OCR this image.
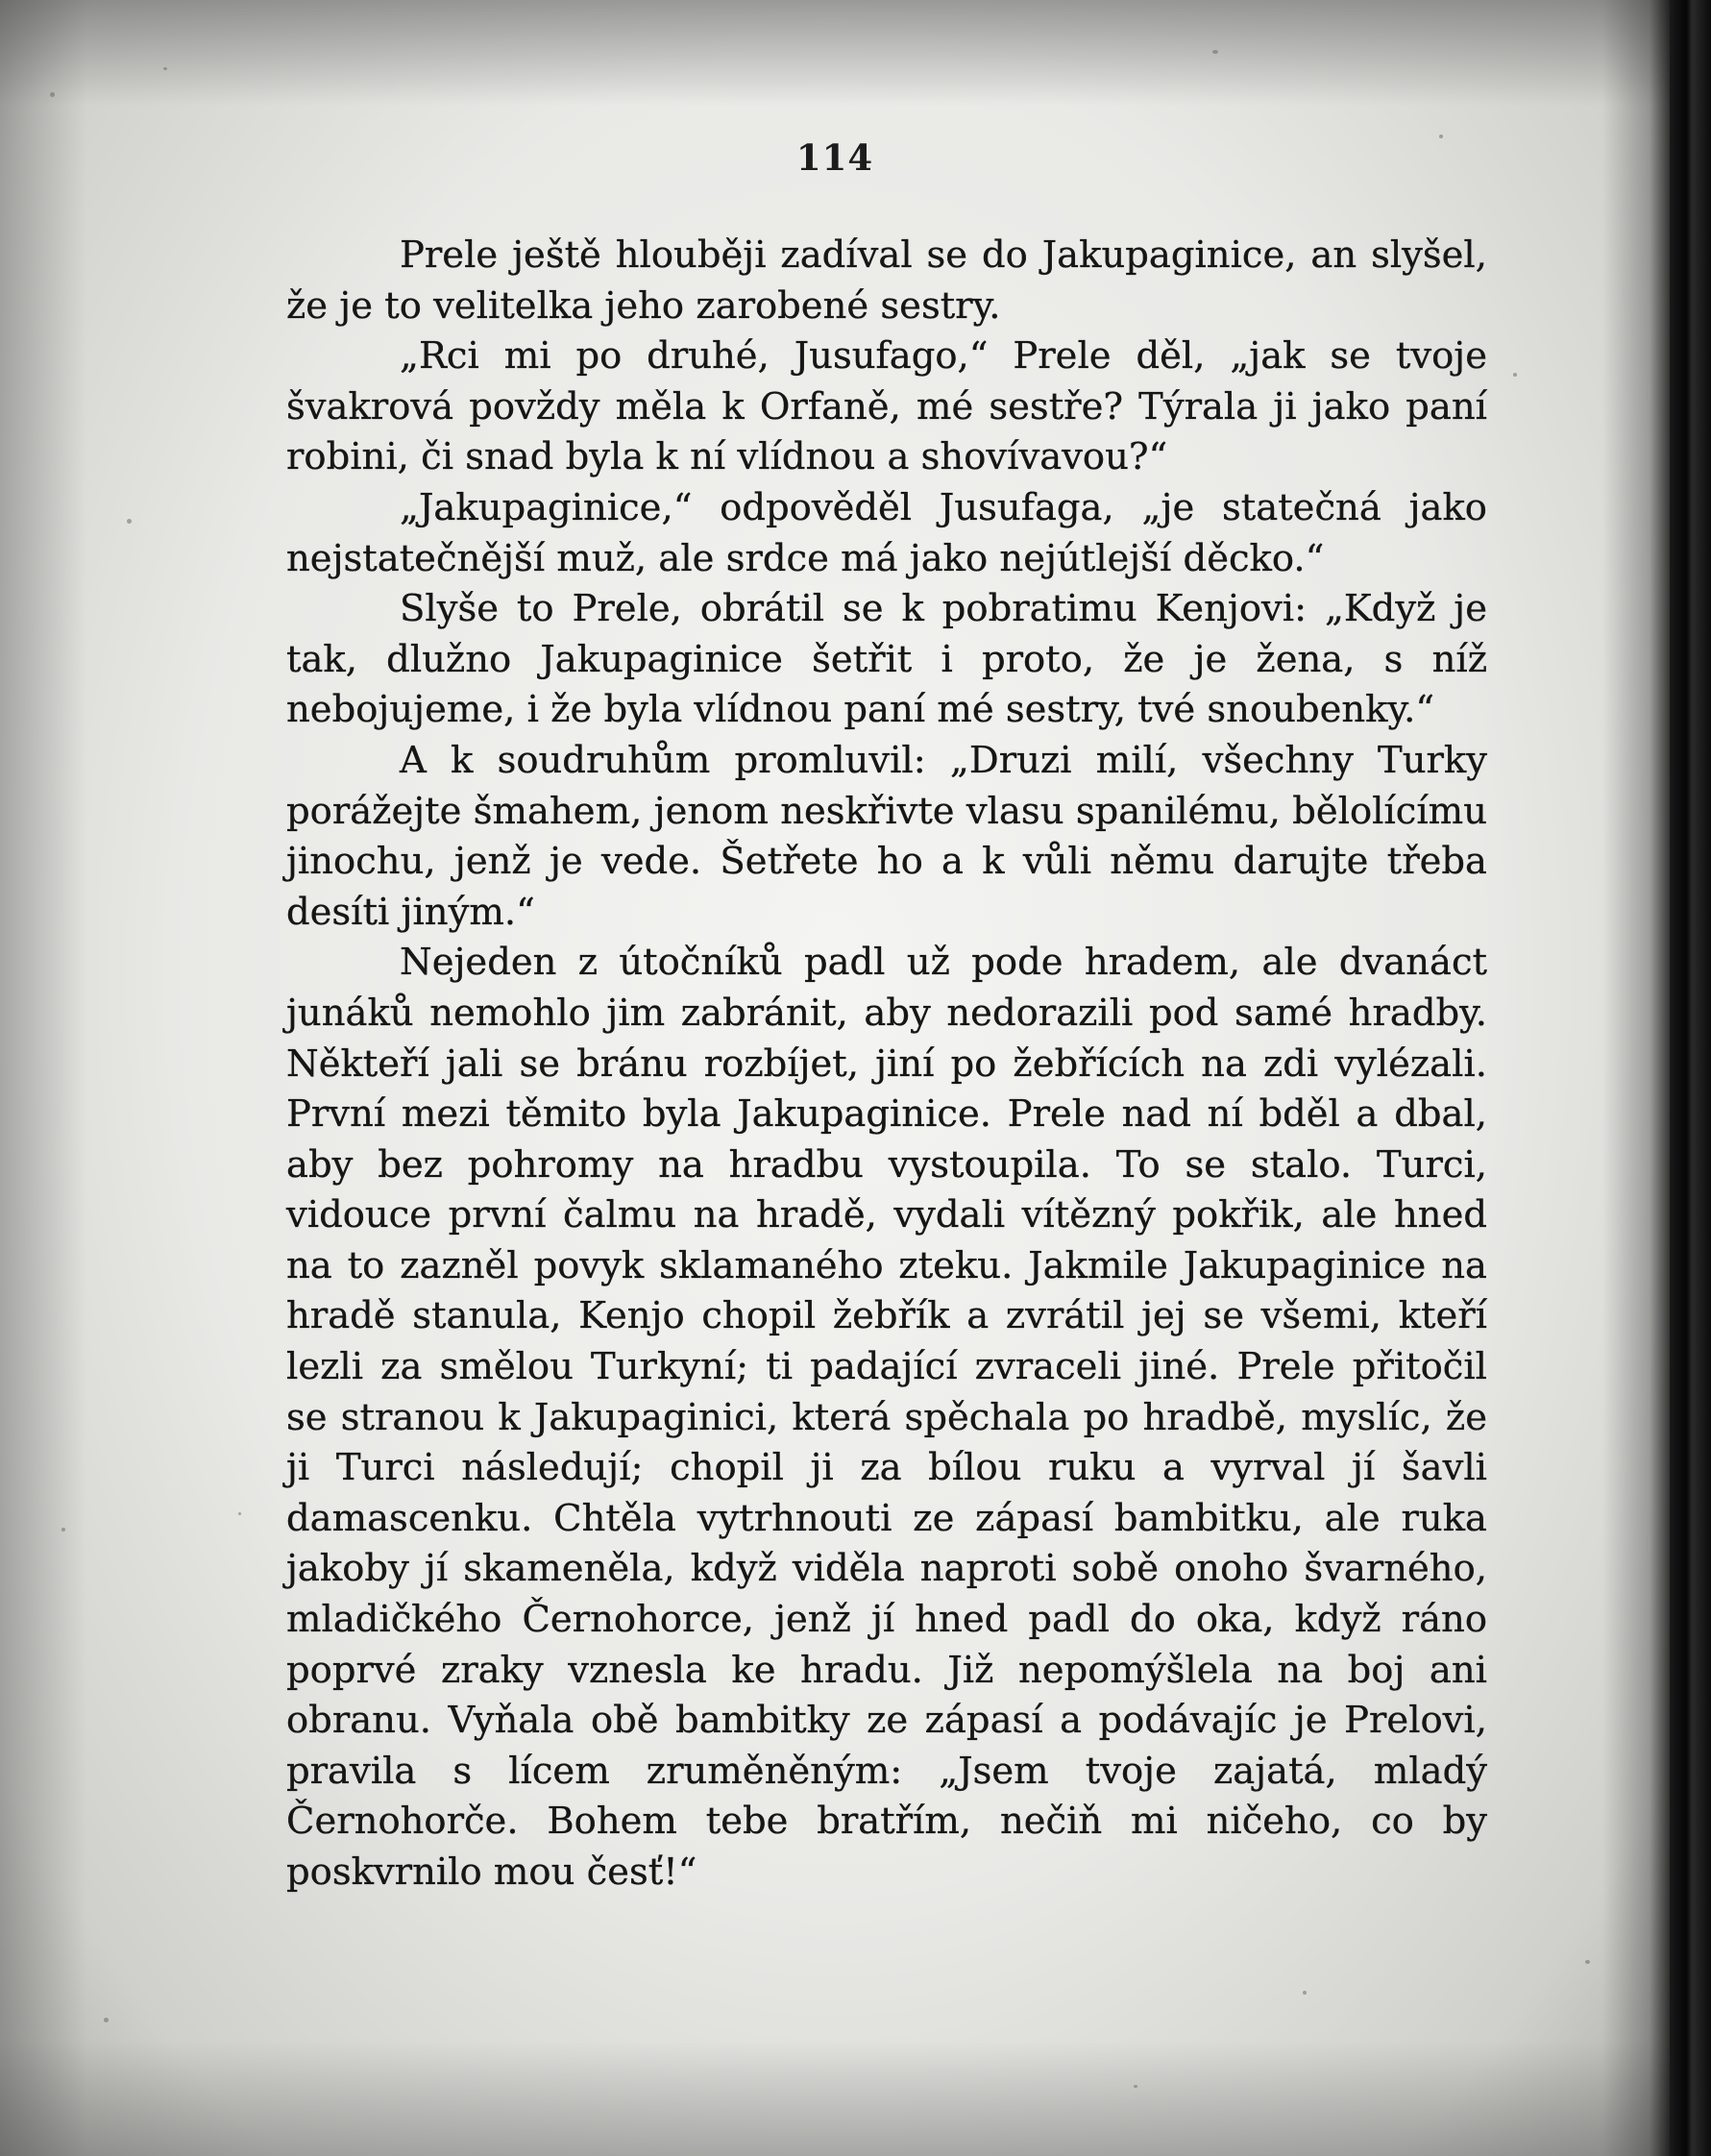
114

Prele ještě hlouběji zadíval se do Jakupaginice, an slyšel, že je to velitelka jeho zarobené sestry.

„Rci mi po druhé, Jusufago,“ Prele děl, „jak se tvoje švakrová povždy měla k Orfaně, mé sestře? Týrala ji jako paní robini, či snad byla k ní vlídnou a shovívavou?“

„Jakupaginice,“ odpověděl Jusufaga, „je statečná jako nejstatečnější muž, ale srdce má jako nejútlejší děcko.“

Slyše to Prele, obrátil se k pobratimu Kenjovi: „Když je tak, dlužno Jakupaginice šetřit i proto, že je žena, s níž nebojujeme, i že byla vlídnou paní mé sestry, tvé snoubenky.“

A k soudruhům promluvil: „Druzi milí, všechny Turky porážejte šmahem, jenom neskřivte vlasu spanilému, bělolícímu jinochu, jenž je vede. Šetřete ho a k vůli němu darujte třeba desíti jiným.“

Nejeden z útočníků padl už pode hradem, ale dvanáct junáků nemohlo jim zabránit, aby nedorazili pod samé hradby. Někteří jali se bránu rozbíjet, jiní po žebřících na zdi vylézali. První mezi těmito byla Jakupaginice. Prele nad ní bděl a dbal, aby bez pohromy na hradbu vystoupila. To se stalo. Turci, vidouce první čalmu na hradě, vydali vítězný pokřik, ale hned na to zazněl povyk sklamaného zteku. Jakmile Jakupaginice na hradě stanula, Kenjo chopil žebřík a zvrátil jej se všemi, kteří lezli za smělou Turkyní; ti padající zvraceli jiné. Prele přitočil se stranou k Jakupaginici, která spěchala po hradbě, myslíc, že ji Turci následují; chopil ji za bílou ruku a vyrval jí šavli damascenku. Chtěla vytrhnouti ze zápasí bambitku, ale ruka jakoby jí skameněla, když viděla naproti sobě onoho švarného, mladičkého Černohorce, jenž jí hned padl do oka, když ráno poprvé zraky vznesla ke hradu. Již nepomýšlela na boj ani obranu. Vyňala obě bambitky ze zápasí a podávajíc je Prelovi, pravila s lícem zruměněným: „Jsem tvoje zajatá, mladý Černohorče. Bohem tebe bratřím, nečiň mi ničeho, co by poskvrnilo mou česť!“
